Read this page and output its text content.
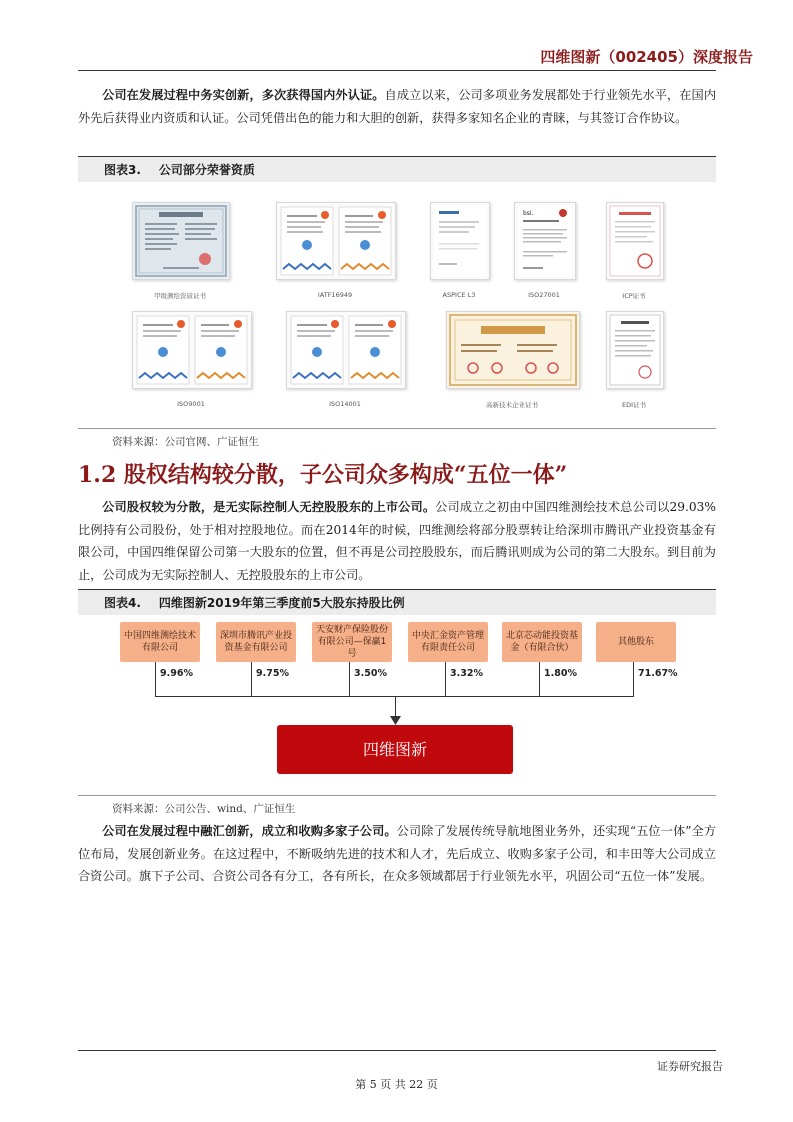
四维图新（002405）深度报告
公司在发展过程中务实创新，多次获得国内外认证。自成立以来，公司多项业务发展都处于行业领先水平，在国内外先后获得业内资质和认证。公司凭借出色的能力和大胆的创新，获得多家知名企业的青睐，与其签订合作协议。
图表3. 公司部分荣誉资质
甲级测绘资质证书	IATF16949	ASPICE L3
bsi.
ISO27001	ICP证书
ISO9001	ISO14001	高新技术企业证书	EDI证书
资料来源：公司官网、广证恒生
1.2 股权结构较分散，子公司众多构成“五位一体”
公司股权较为分散，是无实际控制人无控股股东的上市公司。公司成立之初由中国四维测绘技术总公司以29.03%比例持有公司股份，处于相对控股地位。而在2014年的时候，四维测绘将部分股票转让给深圳市腾讯产业投资基金有限公司，中国四维保留公司第一大股东的位置，但不再是公司控股股东，而后腾讯则成为公司的第二大股东。到目前为止，公司成为无实际控制人、无控股股东的上市公司。
图表4. 四维图新2019年第三季度前5大股东持股比例
中国四维测绘技术有限公司
深圳市腾讯产业投资基金有限公司
天安财产保险股份有限公司—保赢1号
中央汇金资产管理有限责任公司
北京芯动能投资基金（有限合伙）
其他股东
9.96%	9.75%	3.50%	3.32%	1.80%	71.67%
四维图新
资料来源：公司公告、wind、广证恒生
公司在发展过程中融汇创新，成立和收购多家子公司。公司除了发展传统导航地图业务外，还实现“五位一体”全方位布局，发展创新业务。在这过程中，不断吸纳先进的技术和人才，先后成立、收购多家子公司，和丰田等大公司成立合资公司。旗下子公司、合资公司各有分工，各有所长，在众多领域都居于行业领先水平，巩固公司“五位一体”发展。
证券研究报告
第 5 页 共 22 页
